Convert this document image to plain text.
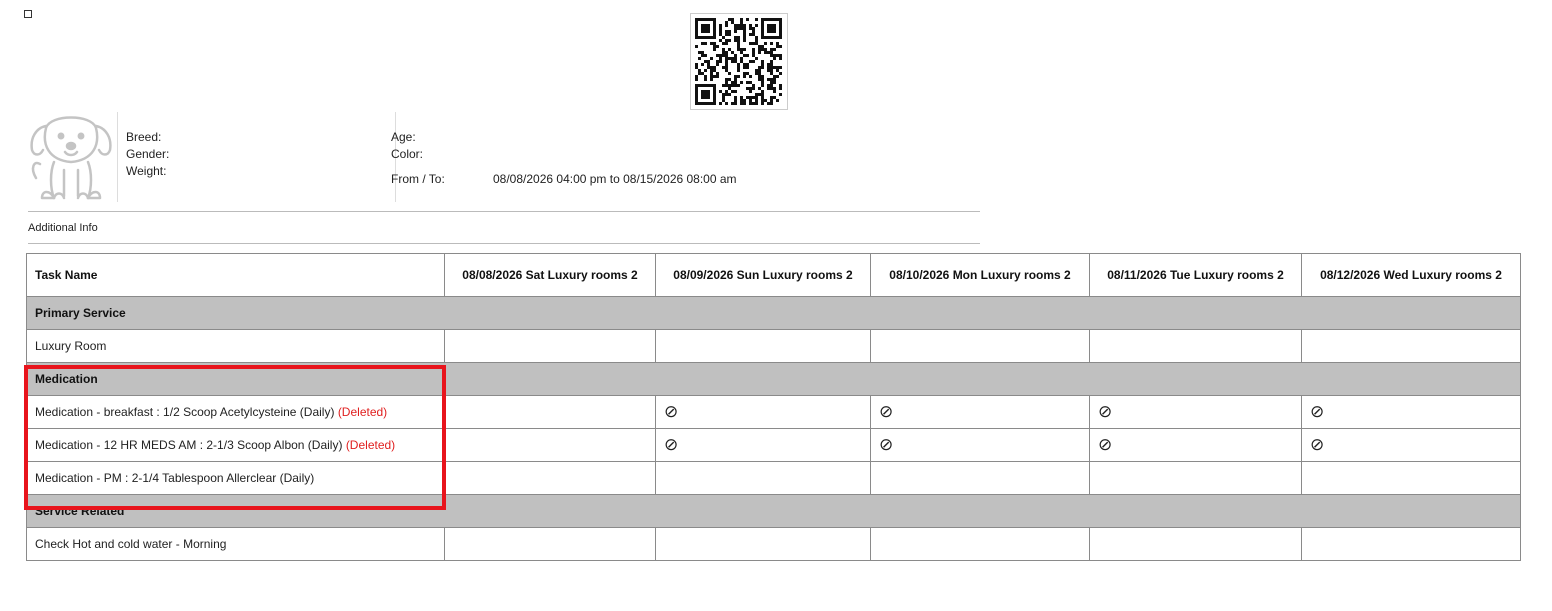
Breed:
Gender:
Weight:
Age:
Color:
From / To:	08/08/2026 04:00 pm to 08/15/2026 08:00 am
Additional Info
Task Name	08/08/2026 Sat Luxury rooms 2	08/09/2026 Sun Luxury rooms 2	08/10/2026 Mon Luxury rooms 2	08/11/2026 Tue Luxury rooms 2	08/12/2026 Wed Luxury rooms 2
Primary Service					
Luxury Room					
Medication					
Medication - breakfast : 1/2 Scoop Acetylcysteine (Daily) (Deleted)		⊘	⊘	⊘	⊘
Medication - 12 HR MEDS AM : 2-1/3 Scoop Albon (Daily) (Deleted)		⊘	⊘	⊘	⊘
Medication - PM : 2-1/4 Tablespoon Allerclear (Daily)					
Service Related					
Check Hot and cold water - Morning					
